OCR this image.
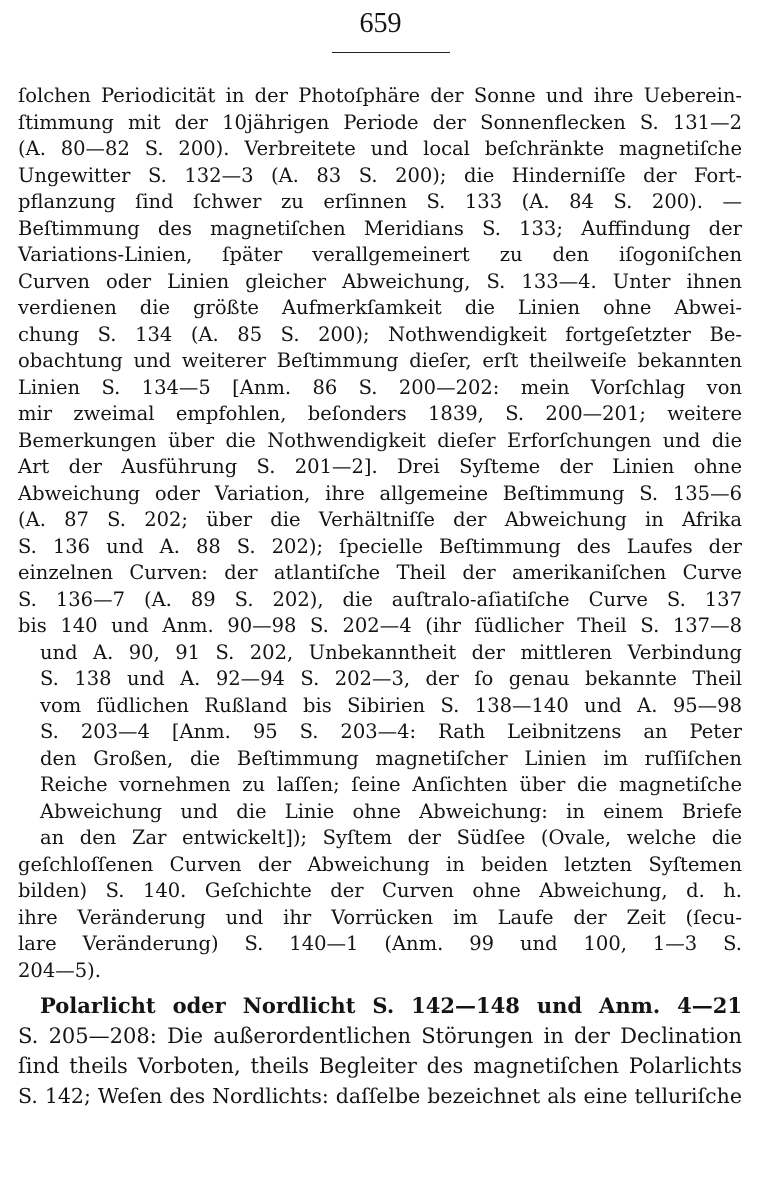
659
ſolchen Periodicität in der Photoſphäre der Sonne und ihre Ueberein-
ſtimmung mit der 10jährigen Periode der Sonnenflecken S. 131—2
(A. 80—82 S. 200). Verbreitete und local beſchränkte magnetiſche
Ungewitter S. 132—3 (A. 83 S. 200); die Hinderniſſe der Fort-
pflanzung ſind ſchwer zu erſinnen S. 133 (A. 84 S. 200). —
Beſtimmung des magnetiſchen Meridians S. 133; Auffindung der
Variations-Linien, ſpäter verallgemeinert zu den iſogoniſchen
Curven oder Linien gleicher Abweichung, S. 133—4. Unter ihnen
verdienen die größte Aufmerkſamkeit die Linien ohne Abwei-
chung S. 134 (A. 85 S. 200); Nothwendigkeit fortgeſetzter Be-
obachtung und weiterer Beſtimmung dieſer, erſt theilweiſe bekannten
Linien S. 134—5 [Anm. 86 S. 200—202: mein Vorſchlag von
mir zweimal empfohlen, beſonders 1839, S. 200—201; weitere
Bemerkungen über die Nothwendigkeit dieſer Erforſchungen und die
Art der Ausführung S. 201—2]. Drei Syſteme der Linien ohne
Abweichung oder Variation, ihre allgemeine Beſtimmung S. 135—6
(A. 87 S. 202; über die Verhältniſſe der Abweichung in Afrika
S. 136 und A. 88 S. 202); ſpecielle Beſtimmung des Laufes der
einzelnen Curven: der atlantiſche Theil der amerikaniſchen Curve
S. 136—7 (A. 89 S. 202), die auſtralo-aſiatiſche Curve S. 137
bis 140 und Anm. 90—98 S. 202—4 (ihr ſüdlicher Theil S. 137—8
und A. 90, 91 S. 202, Unbekanntheit der mittleren Verbindung
S. 138 und A. 92—94 S. 202—3, der ſo genau bekannte Theil
vom ſüdlichen Rußland bis Sibirien S. 138—140 und A. 95—98
S. 203—4 [Anm. 95 S. 203—4: Rath Leibnitzens an Peter
den Großen, die Beſtimmung magnetiſcher Linien im ruſſiſchen
Reiche vornehmen zu laſſen; ſeine Anſichten über die magnetiſche
Abweichung und die Linie ohne Abweichung: in einem Briefe
an den Zar entwickelt]); Syſtem der Südſee (Ovale, welche die
geſchloſſenen Curven der Abweichung in beiden letzten Syſtemen
bilden) S. 140. Geſchichte der Curven ohne Abweichung, d. h.
ihre Veränderung und ihr Vorrücken im Laufe der Zeit (ſecu-
lare Veränderung) S. 140—1 (Anm. 99 und 100, 1—3 S.
204—5).
Polarlicht oder Nordlicht S. 142—148 und Anm. 4—21
S. 205—208: Die außerordentlichen Störungen in der Declination
ſind theils Vorboten, theils Begleiter des magnetiſchen Polarlichts
S. 142; Weſen des Nordlichts: daſſelbe bezeichnet als eine telluriſche
